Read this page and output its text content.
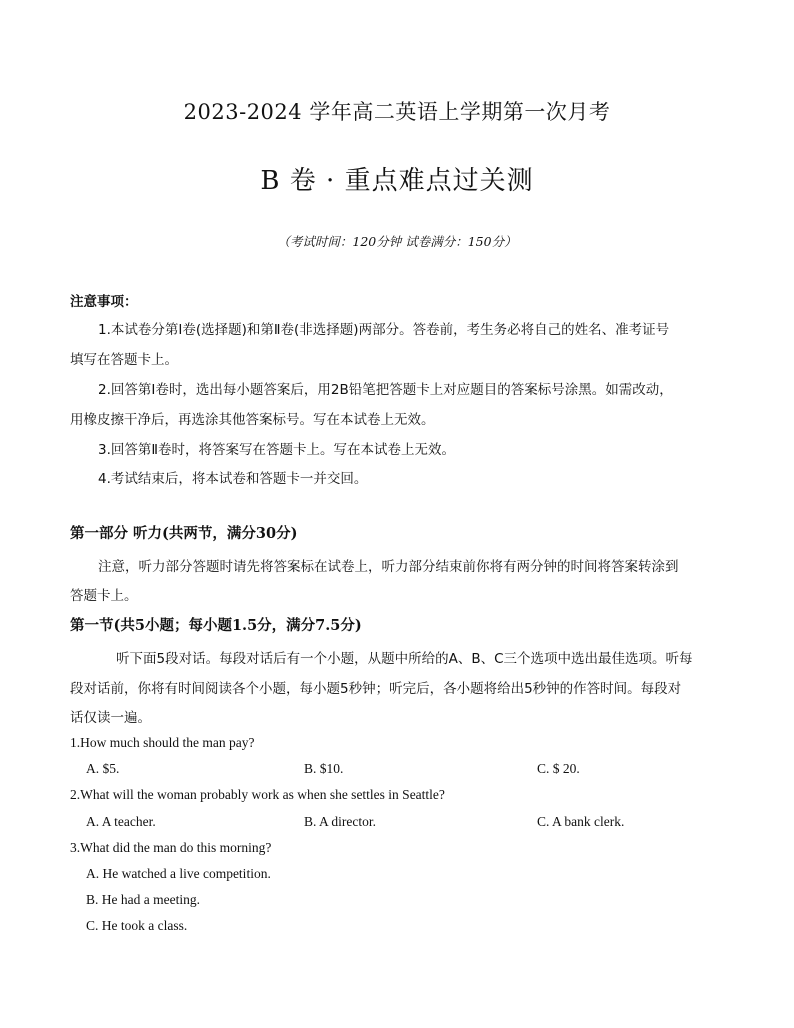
2023-2024 学年高二英语上学期第一次月考
B 卷 · 重点难点过关测
（考试时间：120分钟 试卷满分：150分）
注意事项：
1.本试卷分第Ⅰ卷(选择题)和第Ⅱ卷(非选择题)两部分。答卷前，考生务必将自己的姓名、准考证号
填写在答题卡上。
2.回答第Ⅰ卷时，选出每小题答案后，用2B铅笔把答题卡上对应题目的答案标号涂黑。如需改动，
用橡皮擦干净后，再选涂其他答案标号。写在本试卷上无效。
3.回答第Ⅱ卷时，将答案写在答题卡上。写在本试卷上无效。
4.考试结束后，将本试卷和答题卡一并交回。
第一部分 听力(共两节，满分30分)
注意，听力部分答题时请先将答案标在试卷上，听力部分结束前你将有两分钟的时间将答案转涂到
答题卡上。
第一节(共5小题；每小题1.5分，满分7.5分)
听下面5段对话。每段对话后有一个小题，从题中所给的A、B、C三个选项中选出最佳选项。听每
段对话前，你将有时间阅读各个小题，每小题5秒钟；听完后，各小题将给出5秒钟的作答时间。每段对
话仅读一遍。
1.How much should the man pay?
A. $5.	B. $10.	C. $ 20.
2.What will the woman probably work as when she settles in Seattle?
A. A teacher.	B. A director.	C. A bank clerk.
3.What did the man do this morning?
A. He watched a live competition.
B. He had a meeting.
C. He took a class.
